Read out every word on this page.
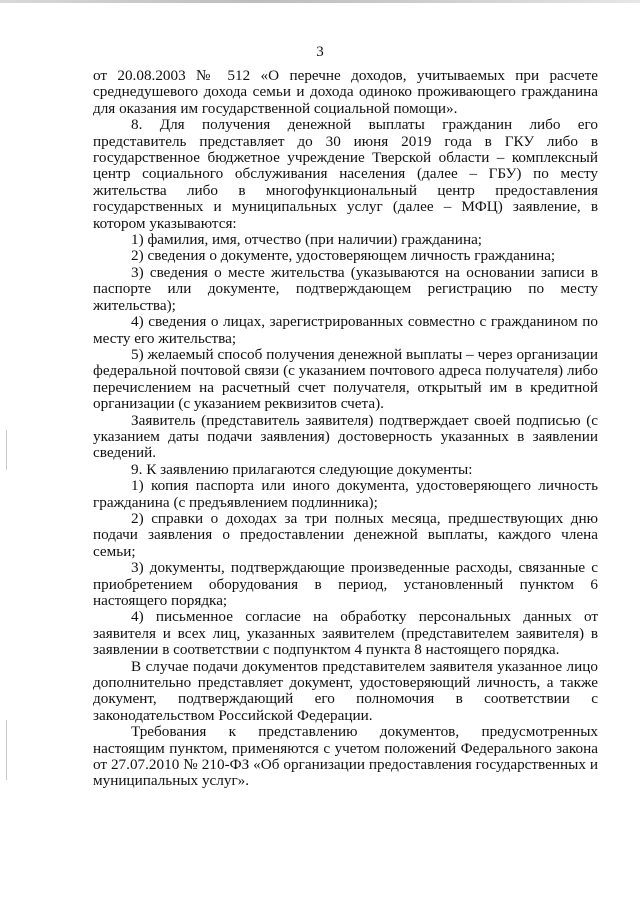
3

от 20.08.2003 № 512 «О перечне доходов, учитываемых при расчете среднедушевого дохода семьи и дохода одиноко проживающего гражданина для оказания им государственной социальной помощи».

8. Для получения денежной выплаты гражданин либо его представитель представляет до 30 июня 2019 года в ГКУ либо в государственное бюджетное учреждение Тверской области – комплексный центр социального обслуживания населения (далее – ГБУ) по месту жительства либо в многофункциональный центр предоставления государственных и муниципальных услуг (далее – МФЦ) заявление, в котором указываются:

1) фамилия, имя, отчество (при наличии) гражданина;

2) сведения о документе, удостоверяющем личность гражданина;

3) сведения о месте жительства (указываются на основании записи в паспорте или документе, подтверждающем регистрацию по месту жительства);

4) сведения о лицах, зарегистрированных совместно с гражданином по месту его жительства;

5) желаемый способ получения денежной выплаты – через организации федеральной почтовой связи (с указанием почтового адреса получателя) либо перечислением на расчетный счет получателя, открытый им в кредитной организации (с указанием реквизитов счета).

Заявитель (представитель заявителя) подтверждает своей подписью (с указанием даты подачи заявления) достоверность указанных в заявлении сведений.

9. К заявлению прилагаются следующие документы:

1) копия паспорта или иного документа, удостоверяющего личность гражданина (с предъявлением подлинника);

2) справки о доходах за три полных месяца, предшествующих дню подачи заявления о предоставлении денежной выплаты, каждого члена семьи;

3) документы, подтверждающие произведенные расходы, связанные с приобретением оборудования в период, установленный пунктом 6 настоящего порядка;

4) письменное согласие на обработку персональных данных от заявителя и всех лиц, указанных заявителем (представителем заявителя) в заявлении в соответствии с подпунктом 4 пункта 8 настоящего порядка.

В случае подачи документов представителем заявителя указанное лицо дополнительно представляет документ, удостоверяющий личность, а также документ, подтверждающий его полномочия в соответствии с законодательством Российской Федерации.

Требования к представлению документов, предусмотренных настоящим пунктом, применяются с учетом положений Федерального закона от 27.07.2010 № 210-ФЗ «Об организации предоставления государственных и муниципальных услуг».
